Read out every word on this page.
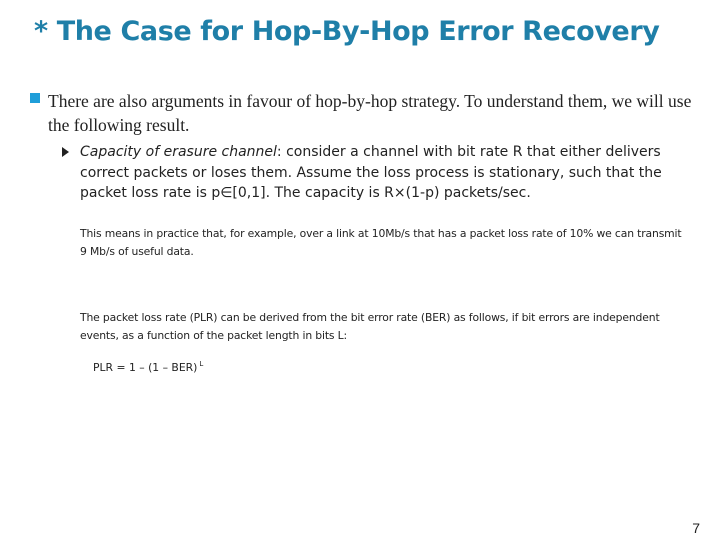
* The Case for Hop-By-Hop Error Recovery
There are also arguments in favour of hop-by-hop strategy. To understand them, we will use the following result.
Capacity of erasure channel: consider a channel with bit rate R that either delivers correct packets or loses them. Assume the loss process is stationary, such that the packet loss rate is p∈[0,1]. The capacity is R×(1-p) packets/sec.
This means in practice that, for example, over a link at 10Mb/s that has a packet loss rate of 10% we can transmit 9 Mb/s of useful data.
The packet loss rate (PLR) can be derived from the bit error rate (BER) as follows, if bit errors are independent events, as a function of the packet length in bits L:
PLR = 1 – (1 – BER) $^L$
7
